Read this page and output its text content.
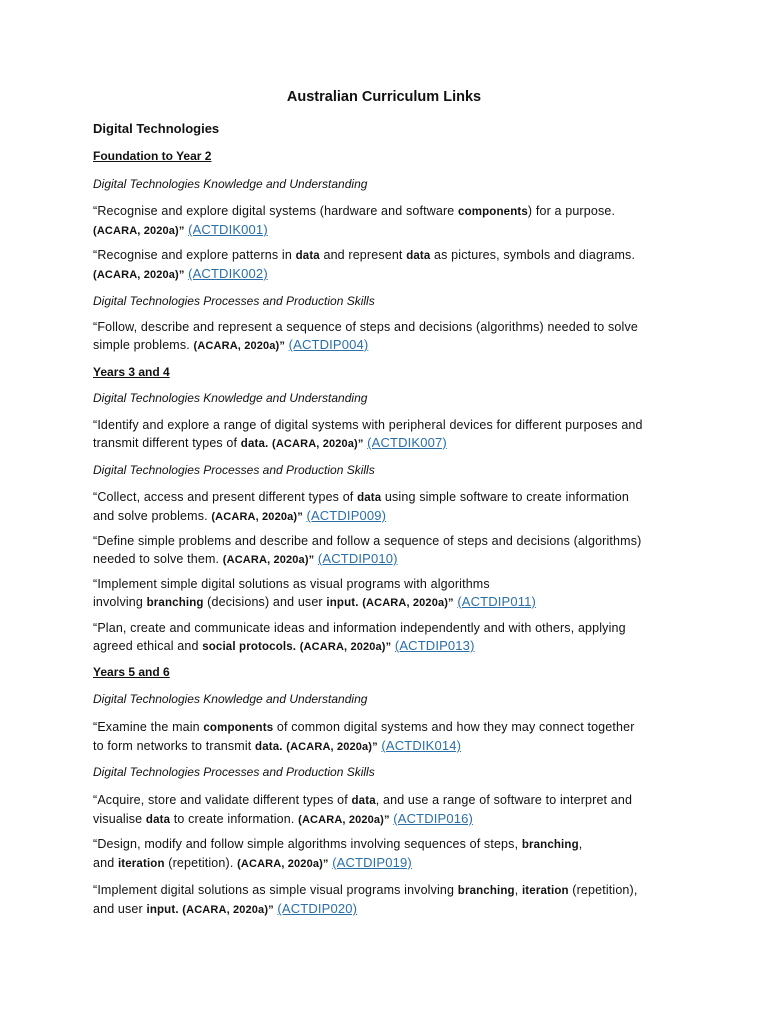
Australian Curriculum Links
Digital Technologies
Foundation to Year 2
Digital Technologies Knowledge and Understanding

“Recognise and explore digital systems (hardware and software components) for a purpose.

(ACARA, 2020a)” (ACTDIK001)

“Recognise and explore patterns in data and represent data as pictures, symbols and diagrams.

(ACARA, 2020a)” (ACTDIK002)

Digital Technologies Processes and Production Skills

“Follow, describe and represent a sequence of steps and decisions (algorithms) needed to solve

simple problems. (ACARA, 2020a)” (ACTDIP004)

Years 3 and 4
Digital Technologies Knowledge and Understanding

“Identify and explore a range of digital systems with peripheral devices for different purposes and

transmit different types of data. (ACARA, 2020a)” (ACTDIK007)

Digital Technologies Processes and Production Skills

“Collect, access and present different types of data using simple software to create information

and solve problems. (ACARA, 2020a)” (ACTDIP009)

“Define simple problems and describe and follow a sequence of steps and decisions (algorithms)

needed to solve them. (ACARA, 2020a)” (ACTDIP010)

“Implement simple digital solutions as visual programs with algorithms

involving branching (decisions) and user input. (ACARA, 2020a)” (ACTDIP011)

“Plan, create and communicate ideas and information independently and with others, applying

agreed ethical and social protocols. (ACARA, 2020a)” (ACTDIP013)

Years 5 and 6
Digital Technologies Knowledge and Understanding

“Examine the main components of common digital systems and how they may connect together

to form networks to transmit data. (ACARA, 2020a)” (ACTDIK014)

Digital Technologies Processes and Production Skills

“Acquire, store and validate different types of data, and use a range of software to interpret and

visualise data to create information. (ACARA, 2020a)” (ACTDIP016)

“Design, modify and follow simple algorithms involving sequences of steps, branching,

and iteration (repetition). (ACARA, 2020a)” (ACTDIP019)

“Implement digital solutions as simple visual programs involving branching, iteration (repetition),

and user input. (ACARA, 2020a)” (ACTDIP020)
